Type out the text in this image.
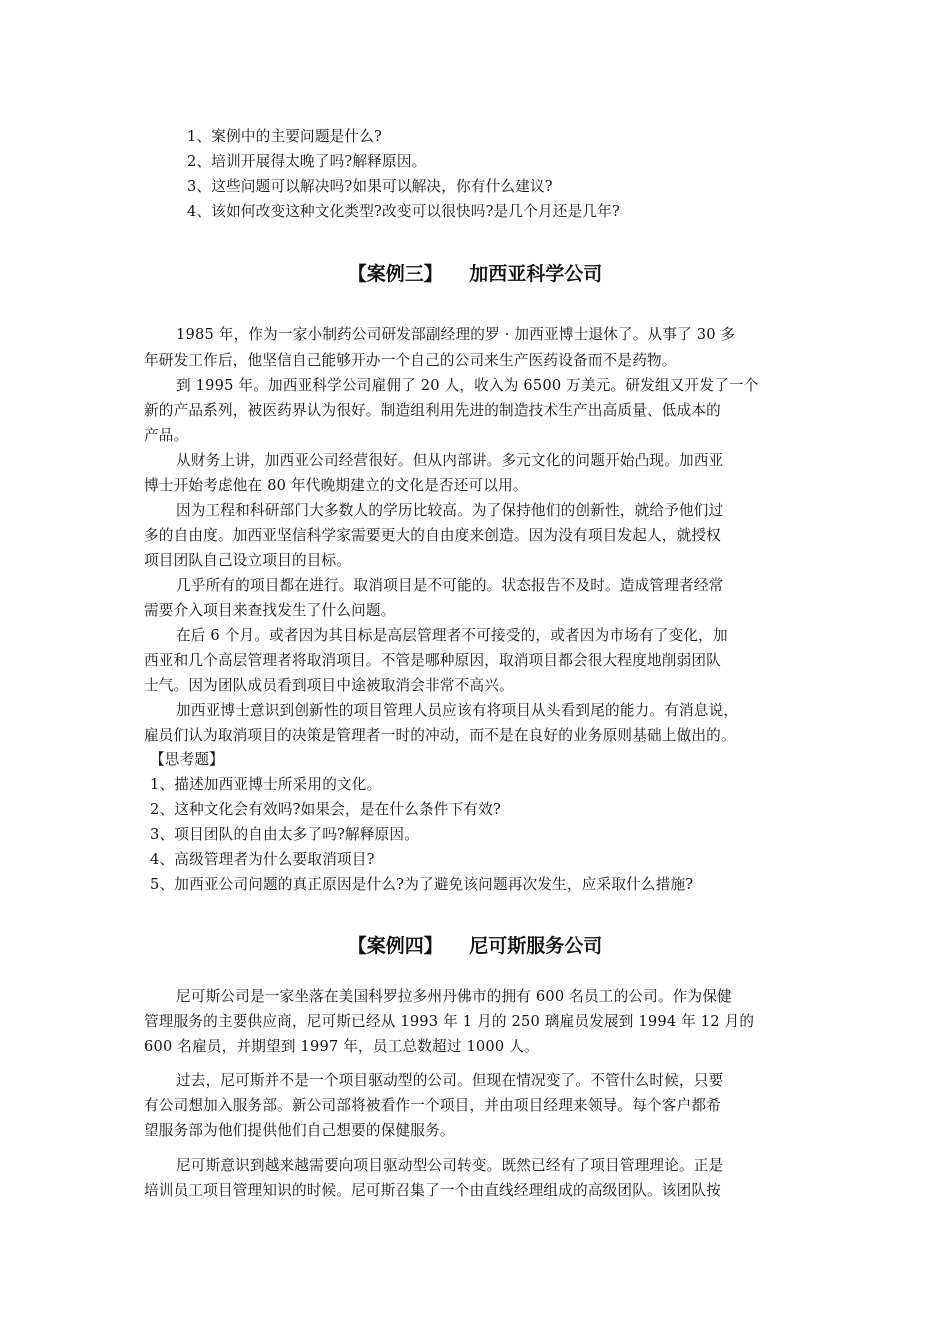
1、案例中的主要问题是什么?
2、培训开展得太晚了吗?解释原因。
3、这些问题可以解决吗?如果可以解决，你有什么建议?
4、该如何改变这种文化类型?改变可以很快吗?是几个月还是几年?
【案例三】    加西亚科学公司
1985 年，作为一家小制药公司研发部副经理的罗 · 加西亚博士退休了。从事了 30 多
年研发工作后，他坚信自己能够开办一个自己的公司来生产医药设备而不是药物。
到 1995 年。加西亚科学公司雇佣了 20 人，收入为 6500 万美元。研发组又开发了一个
新的产品系列，被医药界认为很好。制造组利用先进的制造技术生产出高质量、低成本的
产品。
从财务上讲，加西亚公司经营很好。但从内部讲。多元文化的问题开始凸现。加西亚
博士开始考虑他在 80 年代晚期建立的文化是否还可以用。
因为工程和科研部门大多数人的学历比较高。为了保持他们的创新性，就给予他们过
多的自由度。加西亚坚信科学家需要更大的自由度来创造。因为没有项目发起人，就授权
项目团队自己设立项目的目标。
几乎所有的项目都在进行。取消项目是不可能的。状态报告不及时。造成管理者经常
需要介入项目来查找发生了什么问题。
在后 6 个月。或者因为其目标是高层管理者不可接受的，或者因为市场有了变化，加
西亚和几个高层管理者将取消项目。不管是哪种原因，取消项目都会很大程度地削弱团队
士气。因为团队成员看到项目中途被取消会非常不高兴。
加西亚博士意识到创新性的项目管理人员应该有将项目从头看到尾的能力。有消息说，
雇员们认为取消项目的决策是管理者一时的冲动，而不是在良好的业务原则基础上做出的。
【思考题】
1、描述加西亚博士所采用的文化。
2、这种文化会有效吗?如果会，是在什么条件下有效?
3、项目团队的自由太多了吗?解释原因。
4、高级管理者为什么要取消项目?
5、加西亚公司问题的真正原因是什么?为了避免该问题再次发生，应采取什么措施?
【案例四】    尼可斯服务公司
尼可斯公司是一家坐落在美国科罗拉多州丹佛市的拥有 600 名员工的公司。作为保健
管理服务的主要供应商，尼可斯已经从 1993 年 1 月的 250 璃雇员发展到 1994 年 12 月的
600 名雇员，并期望到 1997 年，员工总数超过 1000 人。
过去，尼可斯并不是一个项目驱动型的公司。但现在情况变了。不管什么时候，只要
有公司想加入服务部。新公司部将被看作一个项目，并由项目经理来领导。每个客户都希
望服务部为他们提供他们自己想要的保健服务。
尼可斯意识到越来越需要向项目驱动型公司转变。既然已经有了项目管理理论。正是
培训员工项目管理知识的时候。尼可斯召集了一个由直线经理组成的高级团队。该团队按
